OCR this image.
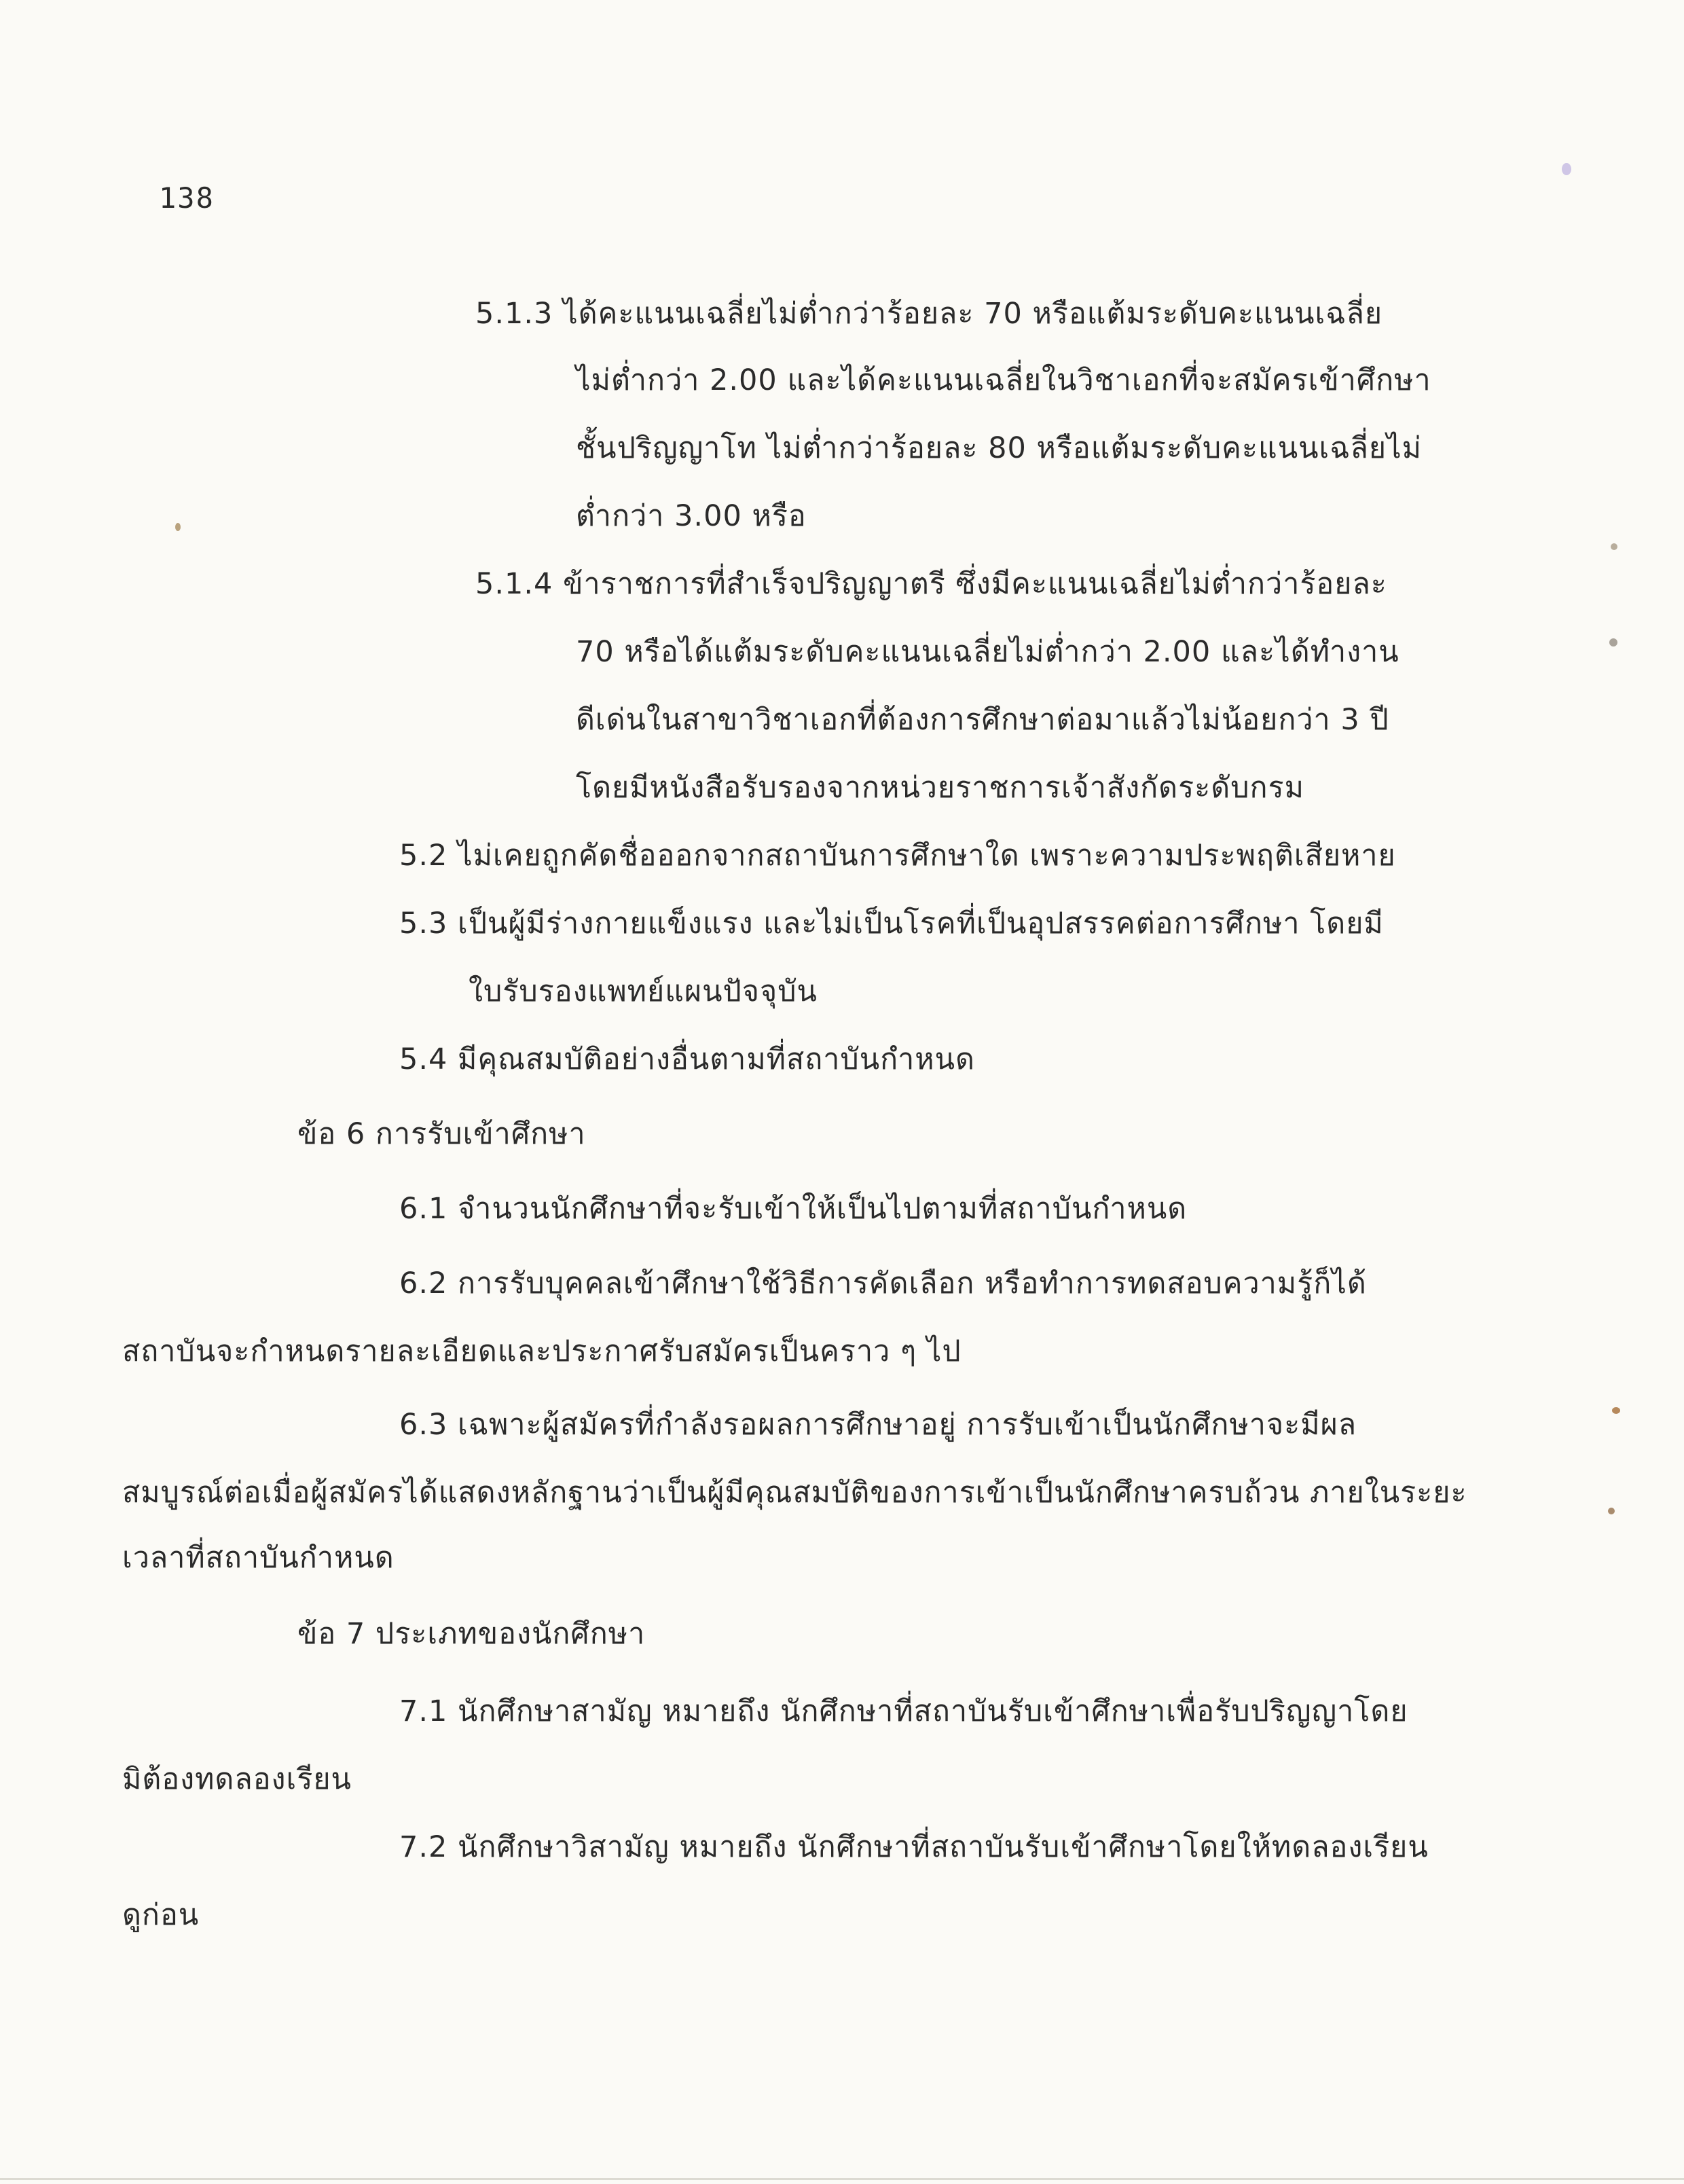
138
5.1.3 ได้คะแนนเฉลี่ยไม่ต่ำกว่าร้อยละ 70 หรือแต้มระดับคะแนนเฉลี่ย
ไม่ต่ำกว่า 2.00 และได้คะแนนเฉลี่ยในวิชาเอกที่จะสมัครเข้าศึกษา
ชั้นปริญญาโท ไม่ต่ำกว่าร้อยละ 80 หรือแต้มระดับคะแนนเฉลี่ยไม่
ต่ำกว่า 3.00 หรือ
5.1.4 ข้าราชการที่สำเร็จปริญญาตรี ซึ่งมีคะแนนเฉลี่ยไม่ต่ำกว่าร้อยละ
70 หรือได้แต้มระดับคะแนนเฉลี่ยไม่ต่ำกว่า 2.00 และได้ทำงาน
ดีเด่นในสาขาวิชาเอกที่ต้องการศึกษาต่อมาแล้วไม่น้อยกว่า 3 ปี
โดยมีหนังสือรับรองจากหน่วยราชการเจ้าสังกัดระดับกรม
5.2 ไม่เคยถูกคัดชื่อออกจากสถาบันการศึกษาใด เพราะความประพฤติเสียหาย
5.3 เป็นผู้มีร่างกายแข็งแรง และไม่เป็นโรคที่เป็นอุปสรรคต่อการศึกษา โดยมี
ใบรับรองแพทย์แผนปัจจุบัน
5.4 มีคุณสมบัติอย่างอื่นตามที่สถาบันกำหนด
ข้อ 6 การรับเข้าศึกษา
6.1 จำนวนนักศึกษาที่จะรับเข้าให้เป็นไปตามที่สถาบันกำหนด
6.2 การรับบุคคลเข้าศึกษาใช้วิธีการคัดเลือก หรือทำการทดสอบความรู้ก็ได้
สถาบันจะกำหนดรายละเอียดและประกาศรับสมัครเป็นคราว ๆ ไป
6.3 เฉพาะผู้สมัครที่กำลังรอผลการศึกษาอยู่ การรับเข้าเป็นนักศึกษาจะมีผล
สมบูรณ์ต่อเมื่อผู้สมัครได้แสดงหลักฐานว่าเป็นผู้มีคุณสมบัติของการเข้าเป็นนักศึกษาครบถ้วน ภายในระยะ
เวลาที่สถาบันกำหนด
ข้อ 7 ประเภทของนักศึกษา
7.1 นักศึกษาสามัญ หมายถึง นักศึกษาที่สถาบันรับเข้าศึกษาเพื่อรับปริญญาโดย
มิต้องทดลองเรียน
7.2 นักศึกษาวิสามัญ หมายถึง นักศึกษาที่สถาบันรับเข้าศึกษาโดยให้ทดลองเรียน
ดูก่อน
